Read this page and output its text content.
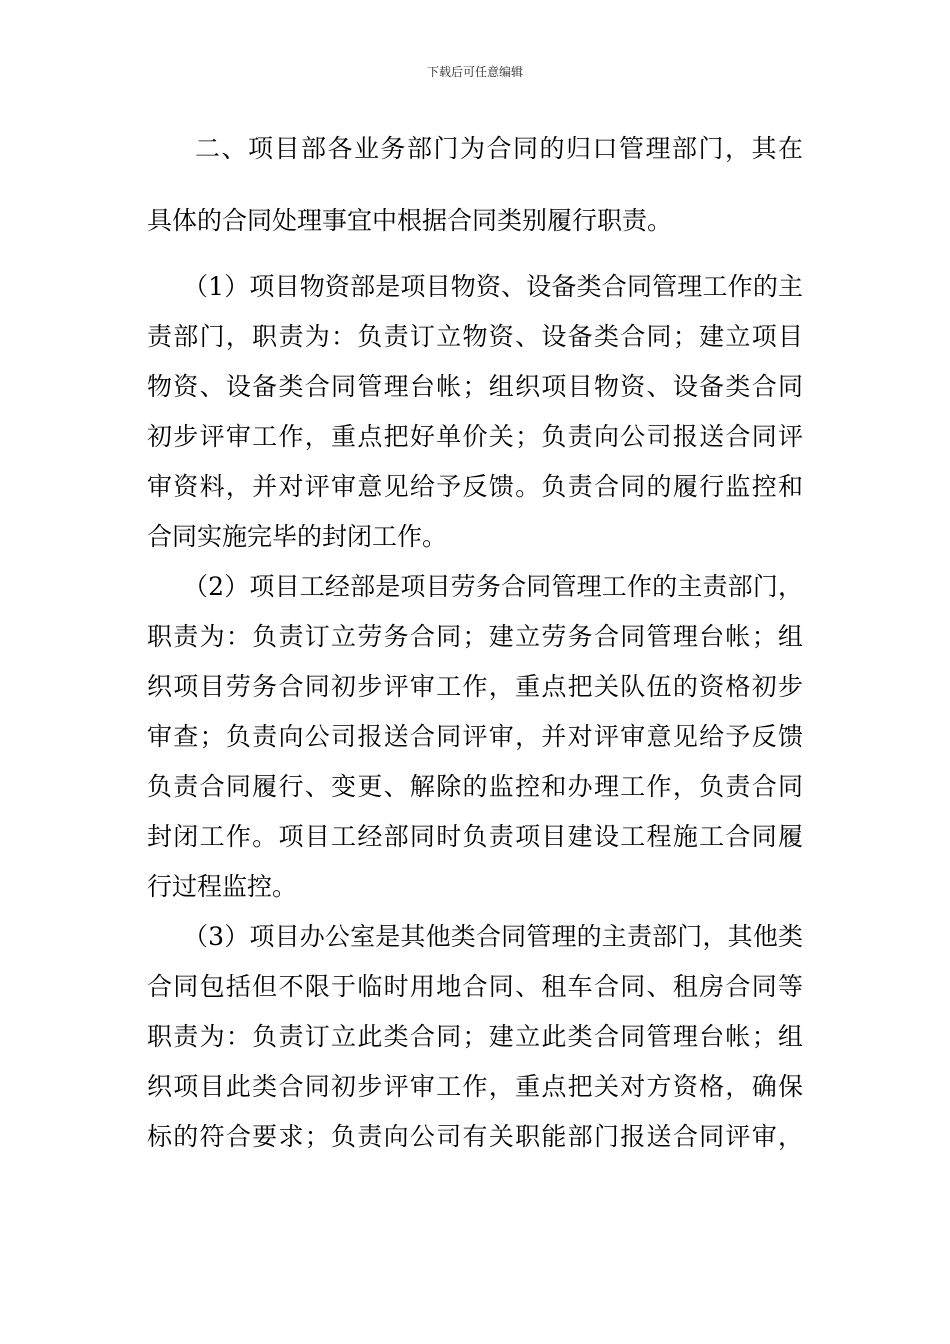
下载后可任意编辑
二、项目部各业务部门为合同的归口管理部门，其在
具体的合同处理事宜中根据合同类别履行职责。
（1）项目物资部是项目物资、设备类合同管理工作的主
责部门，职责为：负责订立物资、设备类合同；建立项目
物资、设备类合同管理台帐；组织项目物资、设备类合同
初步评审工作，重点把好单价关；负责向公司报送合同评
审资料，并对评审意见给予反馈。负责合同的履行监控和
合同实施完毕的封闭工作。
（2）项目工经部是项目劳务合同管理工作的主责部门，
职责为：负责订立劳务合同；建立劳务合同管理台帐；组
织项目劳务合同初步评审工作，重点把关队伍的资格初步
审查；负责向公司报送合同评审，并对评审意见给予反馈
负责合同履行、变更、解除的监控和办理工作，负责合同
封闭工作。项目工经部同时负责项目建设工程施工合同履
行过程监控。
（3）项目办公室是其他类合同管理的主责部门，其他类
合同包括但不限于临时用地合同、租车合同、租房合同等
职责为：负责订立此类合同；建立此类合同管理台帐；组
织项目此类合同初步评审工作，重点把关对方资格，确保
标的符合要求；负责向公司有关职能部门报送合同评审，
